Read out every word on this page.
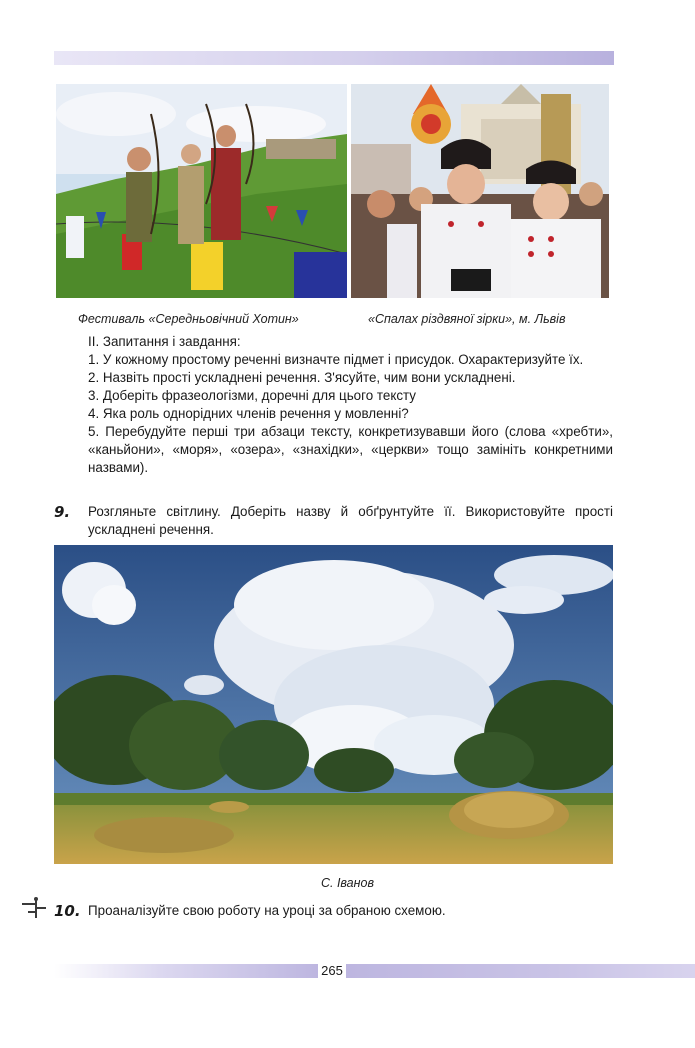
Фестиваль «Середньовічний Хотин»	«Спалах різдвяної зірки», м. Львів

ІІ. Запитання і завдання:

1. У кожному простому реченні визначте підмет і присудок. Охарактеризуйте їх.

2. Назвіть прості ускладнені речення. З'ясуйте, чим вони ускладнені.

3. Доберіть фразеологізми, доречні для цього тексту

4. Яка роль однорідних членів речення у мовленні?

5. Перебудуйте перші три абзаци тексту, конкретизувавши його (слова «хребти», «каньйони», «моря», «озера», «знахідки», «церкви» тощо замініть конкретними назвами).

9. Розгляньте світлину. Доберіть назву й обґрунтуйте її. Використовуйте прості ускладнені речення.
С. Іванов
10. Проаналізуйте свою роботу на уроці за обраною схемою.
265
